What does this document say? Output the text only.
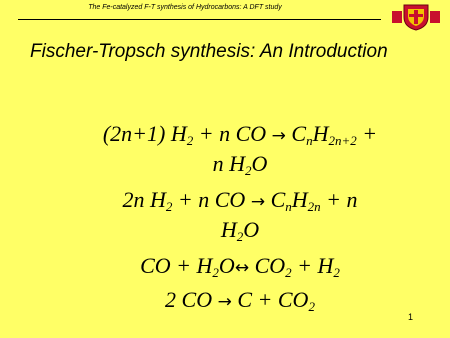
The Fe-catalyzed F-T synthesis of Hydrocarbons: A DFT study
Fischer-Tropsch synthesis: An Introduction
(2n+1) $H_2 + n$ CO → $C_nH_{2n+2}$ +
n $H_2O$
2n $H_2 + n$ CO → $C_nH_{2n} + n$
$H_2O$
CO + $H_2O\leftrightarrow$ $CO_2 + H_2$
2 CO → $C + CO_2$
1
